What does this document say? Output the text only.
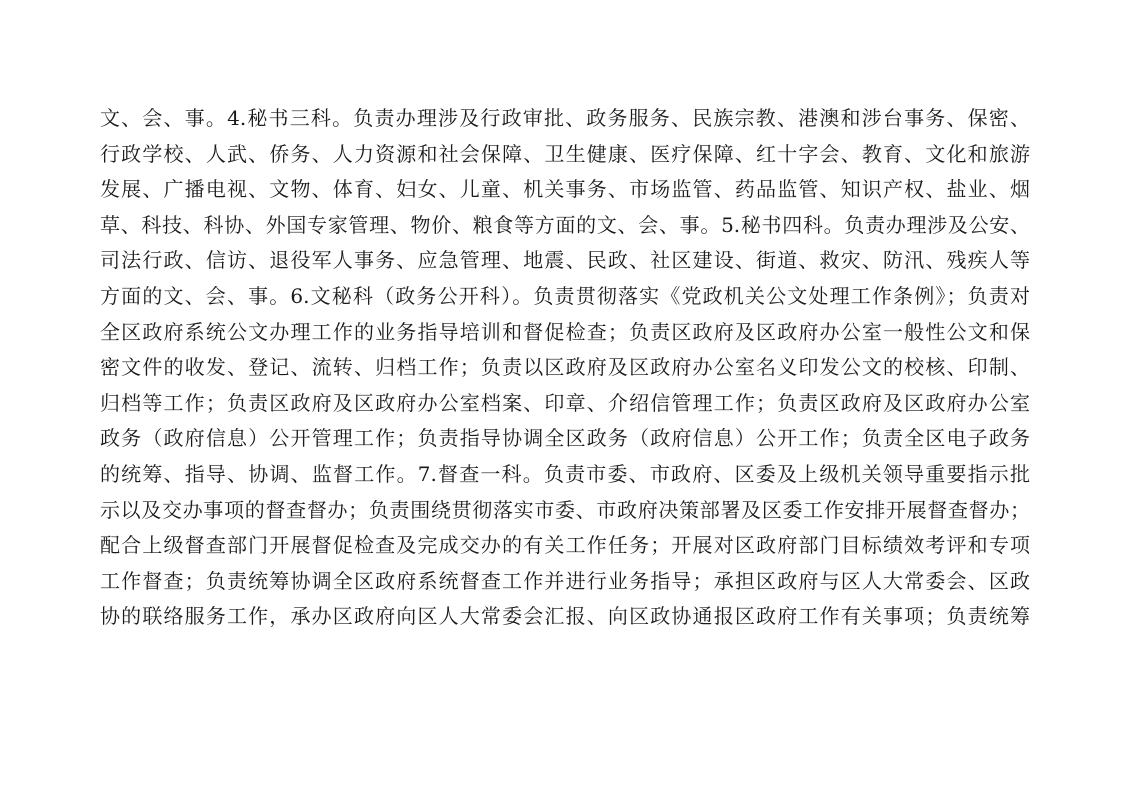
文、会、事。4.秘书三科。负责办理涉及行政审批、政务服务、民族宗教、港澳和涉台事务、保密、
行政学校、人武、侨务、人力资源和社会保障、卫生健康、医疗保障、红十字会、教育、文化和旅游
发展、广播电视、文物、体育、妇女、儿童、机关事务、市场监管、药品监管、知识产权、盐业、烟
草、科技、科协、外国专家管理、物价、粮食等方面的文、会、事。5.秘书四科。负责办理涉及公安、
司法行政、信访、退役军人事务、应急管理、地震、民政、社区建设、街道、救灾、防汛、残疾人等
方面的文、会、事。6.文秘科（政务公开科）。负责贯彻落实《党政机关公文处理工作条例》；负责对
全区政府系统公文办理工作的业务指导培训和督促检查；负责区政府及区政府办公室一般性公文和保
密文件的收发、登记、流转、归档工作；负责以区政府及区政府办公室名义印发公文的校核、印制、
归档等工作；负责区政府及区政府办公室档案、印章、介绍信管理工作；负责区政府及区政府办公室
政务（政府信息）公开管理工作；负责指导协调全区政务（政府信息）公开工作；负责全区电子政务
的统筹、指导、协调、监督工作。7.督查一科。负责市委、市政府、区委及上级机关领导重要指示批
示以及交办事项的督查督办；负责围绕贯彻落实市委、市政府决策部署及区委工作安排开展督查督办；
配合上级督查部门开展督促检查及完成交办的有关工作任务；开展对区政府部门目标绩效考评和专项
工作督查；负责统筹协调全区政府系统督查工作并进行业务指导；承担区政府与区人大常委会、区政
协的联络服务工作，承办区政府向区人大常委会汇报、向区政协通报区政府工作有关事项；负责统筹
